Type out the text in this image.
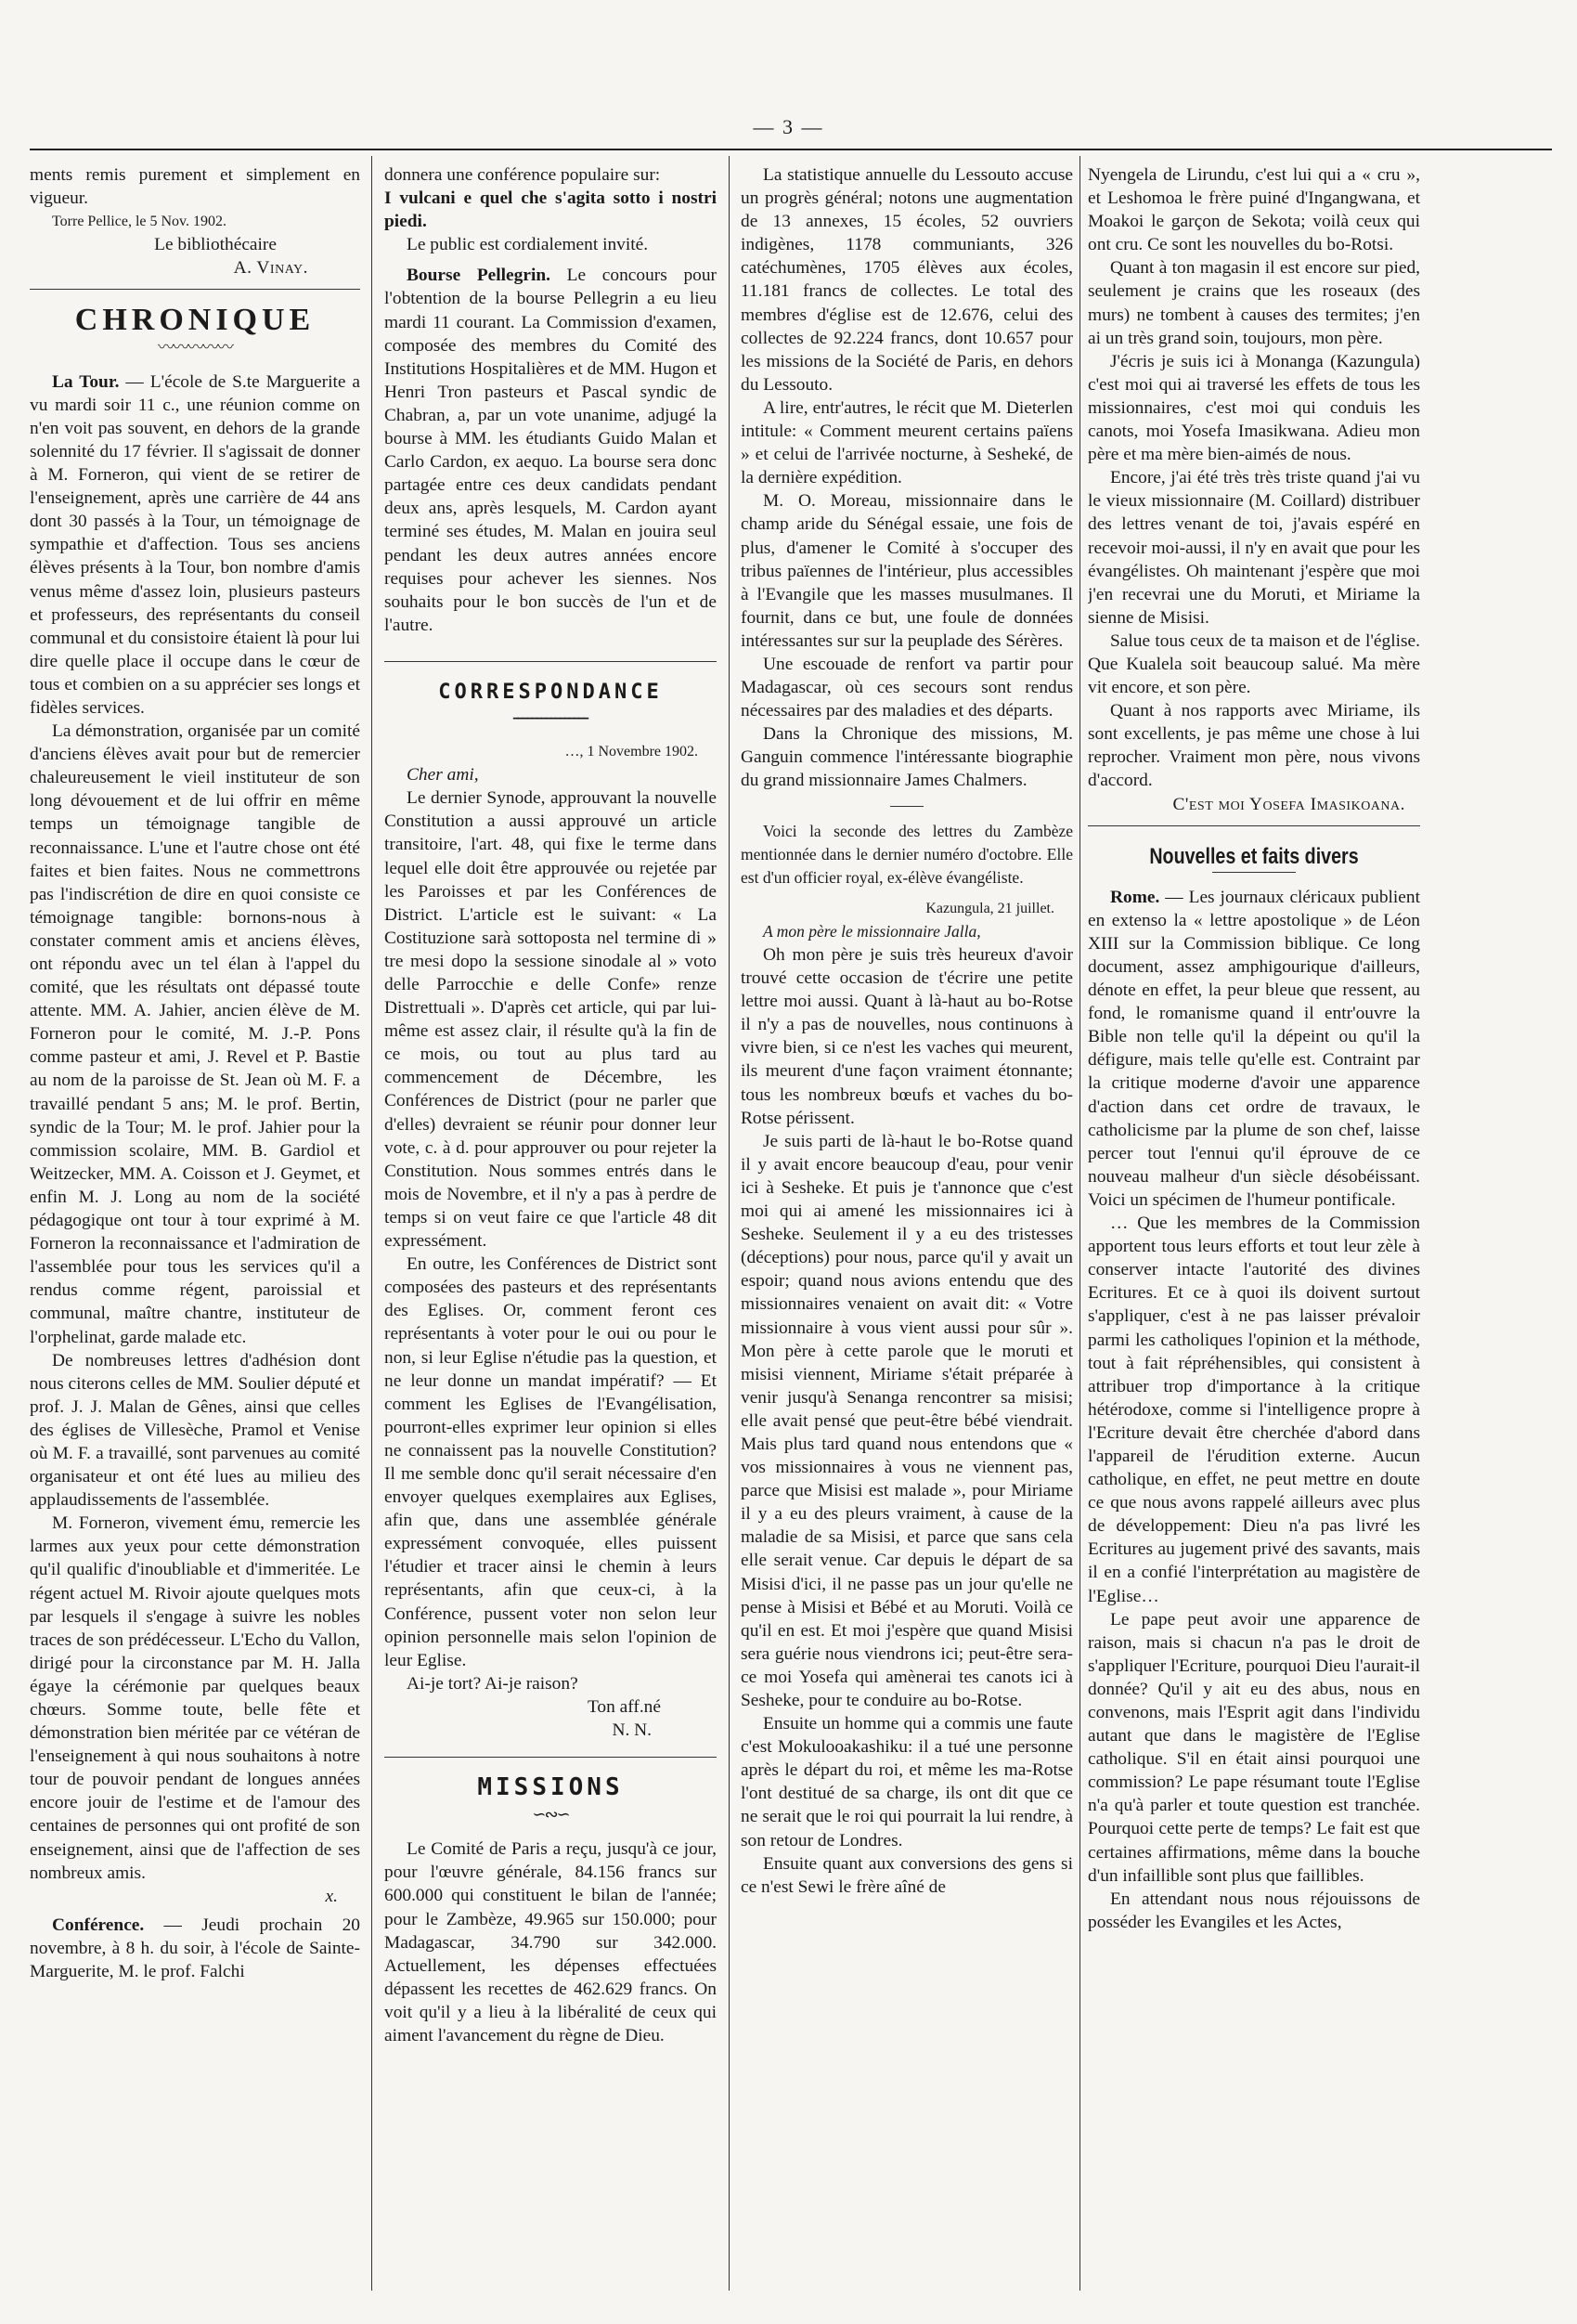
— 3 —

ments remis purement et simplement en vigueur.

Torre Pellice, le 5 Nov. 1902.

Le bibliothécaire

A. Vinay.

CHRONIQUE
〰〰〰〰〰

La Tour. — L'école de S.te Marguerite a vu mardi soir 11 c., une réunion comme on n'en voit pas souvent, en dehors de la grande solennité du 17 février. Il s'agissait de donner à M. Forneron, qui vient de se retirer de l'enseignement, après une carrière de 44 ans dont 30 passés à la Tour, un témoignage de sympathie et d'affection. Tous ses anciens élèves présents à la Tour, bon nombre d'amis venus même d'assez loin, plusieurs pasteurs et professeurs, des représentants du conseil communal et du consistoire étaient là pour lui dire quelle place il occupe dans le cœur de tous et combien on a su apprécier ses longs et fidèles services.

La démonstration, organisée par un comité d'anciens élèves avait pour but de remercier chaleureusement le vieil instituteur de son long dévouement et de lui offrir en même temps un témoignage tangible de reconnaissance. L'une et l'autre chose ont été faites et bien faites. Nous ne commettrons pas l'indiscrétion de dire en quoi consiste ce témoignage tangible: bornons-nous à constater comment amis et anciens élèves, ont répondu avec un tel élan à l'appel du comité, que les résultats ont dépassé toute attente. MM. A. Jahier, ancien élève de M. Forneron pour le comité, M. J.-P. Pons comme pasteur et ami, J. Revel et P. Bastie au nom de la paroisse de St. Jean où M. F. a travaillé pendant 5 ans; M. le prof. Bertin, syndic de la Tour; M. le prof. Jahier pour la commission scolaire, MM. B. Gardiol et Weitzecker, MM. A. Coisson et J. Geymet, et enfin M. J. Long au nom de la société pédagogique ont tour à tour exprimé à M. Forneron la reconnaissance et l'admiration de l'assemblée pour tous les services qu'il a rendus comme régent, paroissial et communal, maître chantre, instituteur de l'orphelinat, garde malade etc.

De nombreuses lettres d'adhésion dont nous citerons celles de MM. Soulier député et prof. J. J. Malan de Gênes, ainsi que celles des églises de Villesèche, Pramol et Venise où M. F. a travaillé, sont parvenues au comité organisateur et ont été lues au milieu des applaudissements de l'assemblée.

M. Forneron, vivement ému, remercie les larmes aux yeux pour cette démonstration qu'il qualific d'inoubliable et d'immeritée. Le régent actuel M. Rivoir ajoute quelques mots par lesquels il s'engage à suivre les nobles traces de son prédécesseur. L'Echo du Vallon, dirigé pour la circonstance par M. H. Jalla égaye la cérémonie par quelques beaux chœurs. Somme toute, belle fête et démonstration bien méritée par ce vétéran de l'enseignement à qui nous souhaitons à notre tour de pouvoir pendant de longues années encore jouir de l'estime et de l'amour des centaines de personnes qui ont profité de son enseignement, ainsi que de l'affection de ses nombreux amis.

x.

Conférence. — Jeudi prochain 20 novembre, à 8 h. du soir, à l'école de Sainte-Marguerite, M. le prof. Falchi

donnera une conférence populaire sur:

I vulcani e quel che s'agita sotto i nostri piedi.

Le public est cordialement invité.

Bourse Pellegrin. Le concours pour l'obtention de la bourse Pellegrin a eu lieu mardi 11 courant. La Commission d'examen, composée des membres du Comité des Institutions Hospitalières et de MM. Hugon et Henri Tron pasteurs et Pascal syndic de Chabran, a, par un vote unanime, adjugé la bourse à MM. les étudiants Guido Malan et Carlo Cardon, ex aequo. La bourse sera donc partagée entre ces deux candidats pendant deux ans, après lesquels, M. Cardon ayant terminé ses études, M. Malan en jouira seul pendant les deux autres années encore requises pour achever les siennes. Nos souhaits pour le bon succès de l'un et de l'autre.

CORRESPONDANCE
━━━━━━━━━━━━━━━━

…, 1 Novembre 1902.

Cher ami,

Le dernier Synode, approuvant la nouvelle Constitution a aussi approuvé un article transitoire, l'art. 48, qui fixe le terme dans lequel elle doit être approuvée ou rejetée par les Paroisses et par les Conférences de District. L'article est le suivant: « La Costituzione sarà sottoposta nel termine di » tre mesi dopo la sessione sinodale al » voto delle Parrocchie e delle Confe» renze Distrettuali ». D'après cet article, qui par lui-même est assez clair, il résulte qu'à la fin de ce mois, ou tout au plus tard au commencement de Décembre, les Conférences de District (pour ne parler que d'elles) devraient se réunir pour donner leur vote, c. à d. pour approuver ou pour rejeter la Constitution. Nous sommes entrés dans le mois de Novembre, et il n'y a pas à perdre de temps si on veut faire ce que l'article 48 dit expressément.

En outre, les Conférences de District sont composées des pasteurs et des représentants des Eglises. Or, comment feront ces représentants à voter pour le oui ou pour le non, si leur Eglise n'étudie pas la question, et ne leur donne un mandat impératif? — Et comment les Eglises de l'Evangélisation, pourront-elles exprimer leur opinion si elles ne connaissent pas la nouvelle Constitution? Il me semble donc qu'il serait nécessaire d'en envoyer quelques exemplaires aux Eglises, afin que, dans une assemblée générale expressément convoquée, elles puissent l'étudier et tracer ainsi le chemin à leurs représentants, afin que ceux-ci, à la Conférence, pussent voter non selon leur opinion personnelle mais selon l'opinion de leur Eglise.

Ai-je tort? Ai-je raison?

Ton aff.né

N. N.

MISSIONS
∽∾∽

Le Comité de Paris a reçu, jusqu'à ce jour, pour l'œuvre générale, 84.156 francs sur 600.000 qui constituent le bilan de l'année; pour le Zambèze, 49.965 sur 150.000; pour Madagascar, 34.790 sur 342.000. Actuellement, les dépenses effectuées dépassent les recettes de 462.629 francs. On voit qu'il y a lieu à la libéralité de ceux qui aiment l'avancement du règne de Dieu.

La statistique annuelle du Lessouto accuse un progrès général; notons une augmentation de 13 annexes, 15 écoles, 52 ouvriers indigènes, 1178 communiants, 326 catéchumènes, 1705 élèves aux écoles, 11.181 francs de collectes. Le total des membres d'église est de 12.676, celui des collectes de 92.224 francs, dont 10.657 pour les missions de la Société de Paris, en dehors du Lessouto.

A lire, entr'autres, le récit que M. Dieterlen intitule: « Comment meurent certains païens » et celui de l'arrivée nocturne, à Sesheké, de la dernière expédition.

M. O. Moreau, missionnaire dans le champ aride du Sénégal essaie, une fois de plus, d'amener le Comité à s'occuper des tribus païennes de l'intérieur, plus accessibles à l'Evangile que les masses musulmanes. Il fournit, dans ce but, une foule de données intéressantes sur sur la peuplade des Sérères.

Une escouade de renfort va partir pour Madagascar, où ces secours sont rendus nécessaires par des maladies et des départs.

Dans la Chronique des missions, M. Ganguin commence l'intéressante biographie du grand missionnaire James Chalmers.

Voici la seconde des lettres du Zambèze mentionnée dans le dernier numéro d'octobre. Elle est d'un officier royal, ex-élève évangéliste.

Kazungula, 21 juillet.

A mon père le missionnaire Jalla,

Oh mon père je suis très heureux d'avoir trouvé cette occasion de t'écrire une petite lettre moi aussi. Quant à là-haut au bo-Rotse il n'y a pas de nouvelles, nous continuons à vivre bien, si ce n'est les vaches qui meurent, ils meurent d'une façon vraiment étonnante; tous les nombreux bœufs et vaches du bo-Rotse périssent.

Je suis parti de là-haut le bo-Rotse quand il y avait encore beaucoup d'eau, pour venir ici à Sesheke. Et puis je t'annonce que c'est moi qui ai amené les missionnaires ici à Sesheke. Seulement il y a eu des tristesses (déceptions) pour nous, parce qu'il y avait un espoir; quand nous avions entendu que des missionnaires venaient on avait dit: « Votre missionnaire à vous vient aussi pour sûr ». Mon père à cette parole que le moruti et misisi viennent, Miriame s'était préparée à venir jusqu'à Senanga rencontrer sa misisi; elle avait pensé que peut-être bébé viendrait. Mais plus tard quand nous entendons que « vos missionnaires à vous ne viennent pas, parce que Misisi est malade », pour Miriame il y a eu des pleurs vraiment, à cause de la maladie de sa Misisi, et parce que sans cela elle serait venue. Car depuis le départ de sa Misisi d'ici, il ne passe pas un jour qu'elle ne pense à Misisi et Bébé et au Moruti. Voilà ce qu'il en est. Et moi j'espère que quand Misisi sera guérie nous viendrons ici; peut-être sera-ce moi Yosefa qui amènerai tes canots ici à Sesheke, pour te conduire au bo-Rotse.

Ensuite un homme qui a commis une faute c'est Mokulooakashiku: il a tué une personne après le départ du roi, et même les ma-Rotse l'ont destitué de sa charge, ils ont dit que ce ne serait que le roi qui pourrait la lui rendre, à son retour de Londres.

Ensuite quant aux conversions des gens si ce n'est Sewi le frère aîné de

Nyengela de Lirundu, c'est lui qui a « cru », et Leshomoa le frère puiné d'Ingangwana, et Moakoi le garçon de Sekota; voilà ceux qui ont cru. Ce sont les nouvelles du bo-Rotsi.

Quant à ton magasin il est encore sur pied, seulement je crains que les roseaux (des murs) ne tombent à causes des termites; j'en ai un très grand soin, toujours, mon père.

J'écris je suis ici à Monanga (Kazungula) c'est moi qui ai traversé les effets de tous les missionnaires, c'est moi qui conduis les canots, moi Yosefa Imasikwana. Adieu mon père et ma mère bien-aimés de nous.

Encore, j'ai été très très triste quand j'ai vu le vieux missionnaire (M. Coillard) distribuer des lettres venant de toi, j'avais espéré en recevoir moi-aussi, il n'y en avait que pour les évangélistes. Oh maintenant j'espère que moi j'en recevrai une du Moruti, et Miriame la sienne de Misisi.

Salue tous ceux de ta maison et de l'église. Que Kualela soit beaucoup salué. Ma mère vit encore, et son père.

Quant à nos rapports avec Miriame, ils sont excellents, je pas même une chose à lui reprocher. Vraiment mon père, nous vivons d'accord.

C'est moi Yosefa Imasikoana.

Nouvelles et faits divers

Rome. — Les journaux cléricaux publient en extenso la « lettre apostolique » de Léon XIII sur la Commission biblique. Ce long document, assez amphigourique d'ailleurs, dénote en effet, la peur bleue que ressent, au fond, le romanisme quand il entr'ouvre la Bible non telle qu'il la dépeint ou qu'il la défigure, mais telle qu'elle est. Contraint par la critique moderne d'avoir une apparence d'action dans cet ordre de travaux, le catholicisme par la plume de son chef, laisse percer tout l'ennui qu'il éprouve de ce nouveau malheur d'un siècle désobéissant. Voici un spécimen de l'humeur pontificale.

… Que les membres de la Commission apportent tous leurs efforts et tout leur zèle à conserver intacte l'autorité des divines Ecritures. Et ce à quoi ils doivent surtout s'appliquer, c'est à ne pas laisser prévaloir parmi les catholiques l'opinion et la méthode, tout à fait répréhensibles, qui consistent à attribuer trop d'importance à la critique hétérodoxe, comme si l'intelligence propre à l'Ecriture devait être cherchée d'abord dans l'appareil de l'érudition externe. Aucun catholique, en effet, ne peut mettre en doute ce que nous avons rappelé ailleurs avec plus de développement: Dieu n'a pas livré les Ecritures au jugement privé des savants, mais il en a confié l'interprétation au magistère de l'Eglise…

Le pape peut avoir une apparence de raison, mais si chacun n'a pas le droit de s'appliquer l'Ecriture, pourquoi Dieu l'aurait-il donnée? Qu'il y ait eu des abus, nous en convenons, mais l'Esprit agit dans l'individu autant que dans le magistère de l'Eglise catholique. S'il en était ainsi pourquoi une commission? Le pape résumant toute l'Eglise n'a qu'à parler et toute question est tranchée. Pourquoi cette perte de temps? Le fait est que certaines affirmations, même dans la bouche d'un infaillible sont plus que faillibles.

En attendant nous nous réjouissons de posséder les Evangiles et les Actes,
